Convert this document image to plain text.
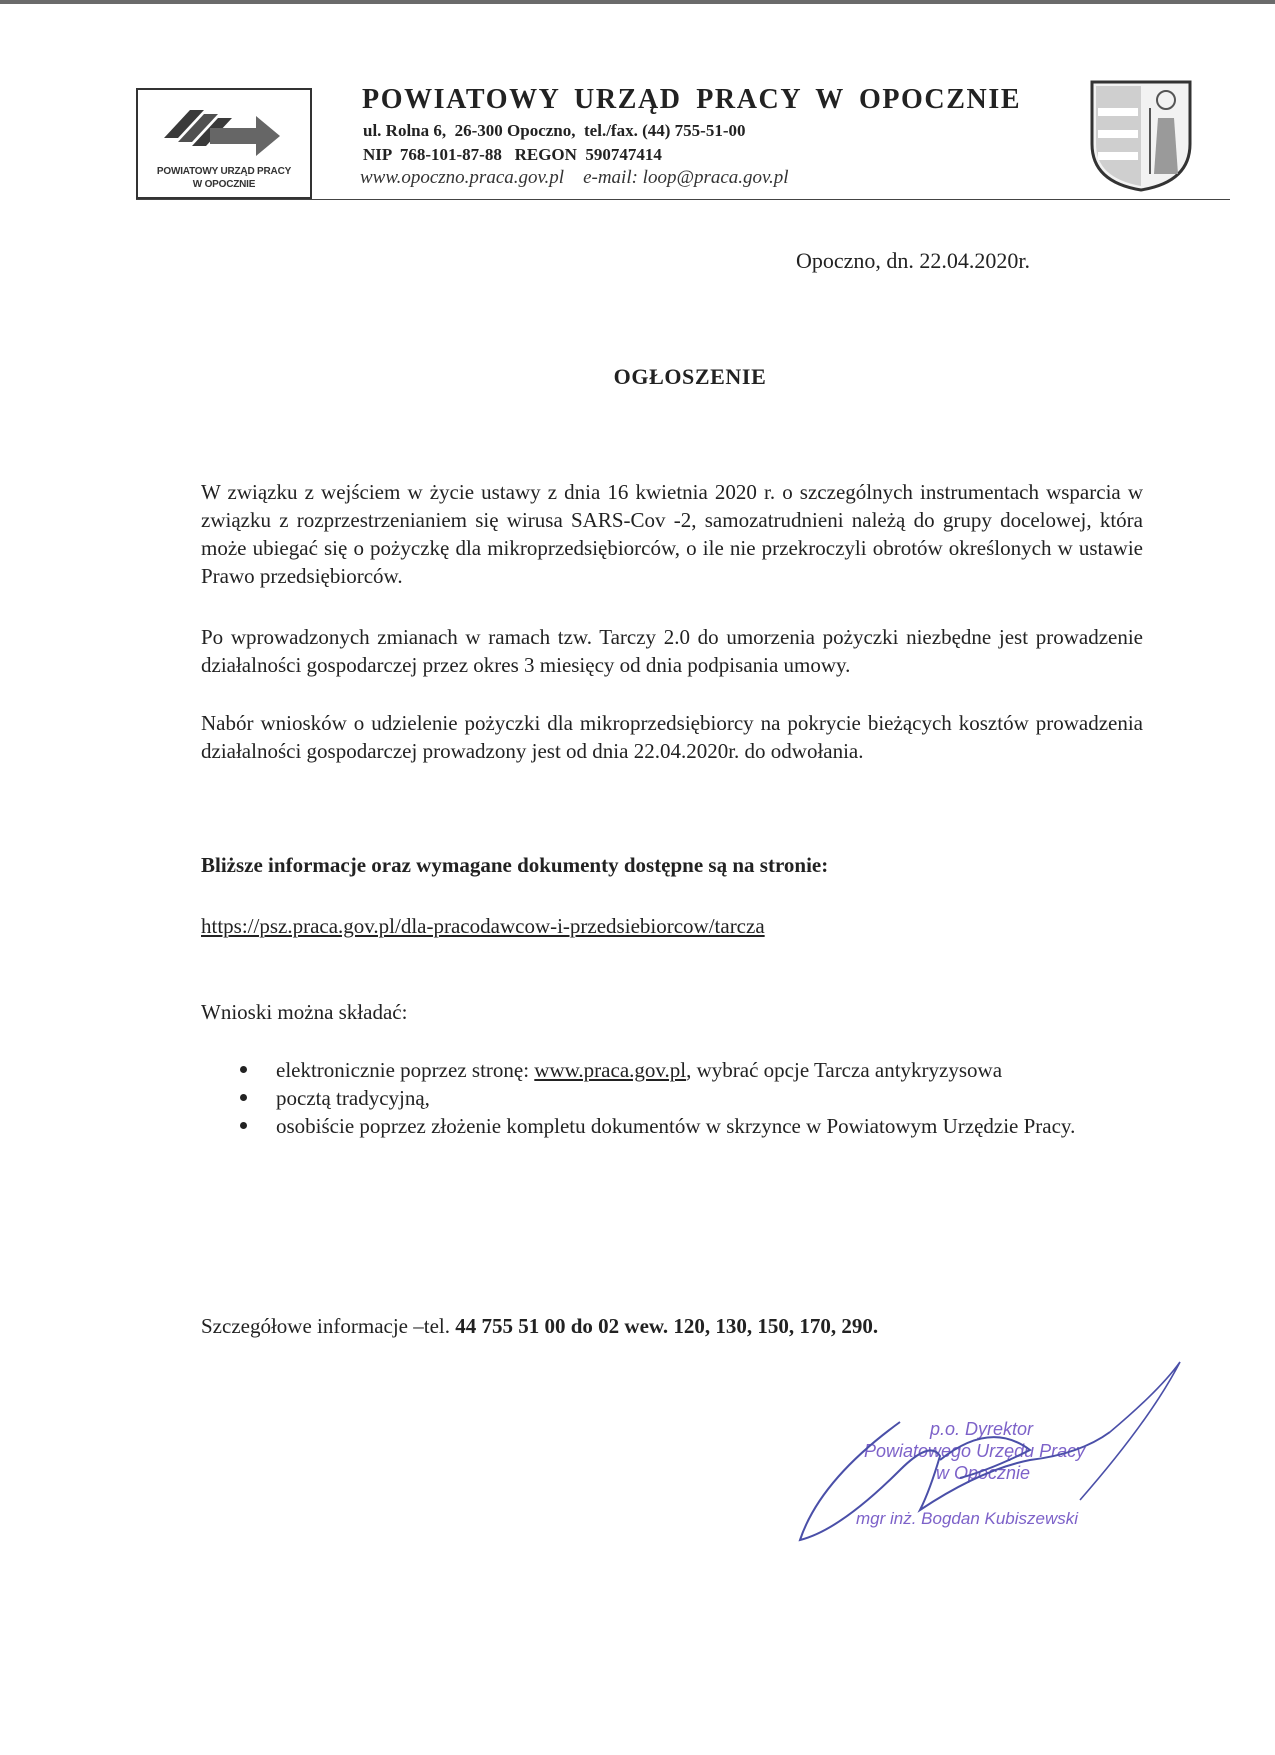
POWIATOWY URZĄD PRACY
W OPOCZNIE
POWIATOWY URZĄD PRACY W OPOCZNIE
ul. Rolna 6,  26-300 Opoczno,  tel./fax. (44) 755-51-00
NIP  768-101-87-88   REGON  590747414
www.opoczno.praca.gov.pl    e-mail: loop@praca.gov.pl
Opoczno, dn. 22.04.2020r.
OGŁOSZENIE
W związku z wejściem w życie ustawy z dnia 16 kwietnia 2020 r. o szczególnych instrumentach wsparcia w związku z rozprzestrzenianiem się wirusa SARS-Cov -2, samozatrudnieni należą do grupy docelowej, która może ubiegać się o pożyczkę dla mikroprzedsiębiorców, o ile nie przekroczyli obrotów określonych w ustawie Prawo przedsiębiorców.
Po wprowadzonych zmianach w ramach tzw. Tarczy 2.0 do umorzenia pożyczki niezbędne jest prowadzenie działalności gospodarczej przez okres 3 miesięcy od dnia podpisania umowy.
Nabór wniosków o udzielenie pożyczki dla mikroprzedsiębiorcy na pokrycie bieżących kosztów prowadzenia działalności gospodarczej prowadzony jest od dnia 22.04.2020r. do odwołania.
Bliższe informacje oraz wymagane dokumenty dostępne są na stronie:
https://psz.praca.gov.pl/dla-pracodawcow-i-przedsiebiorcow/tarcza
Wnioski można składać:
elektronicznie poprzez stronę: www.praca.gov.pl, wybrać opcje Tarcza antykryzysowa
pocztą tradycyjną,
osobiście poprzez złożenie kompletu dokumentów w skrzynce w Powiatowym Urzędzie Pracy.
Szczegółowe informacje –tel. 44 755 51 00 do 02 wew. 120, 130, 150, 170, 290.
p.o. Dyrektor
Powiatowego Urzędu Pracy
w Opocznie
mgr inż. Bogdan Kubiszewski
